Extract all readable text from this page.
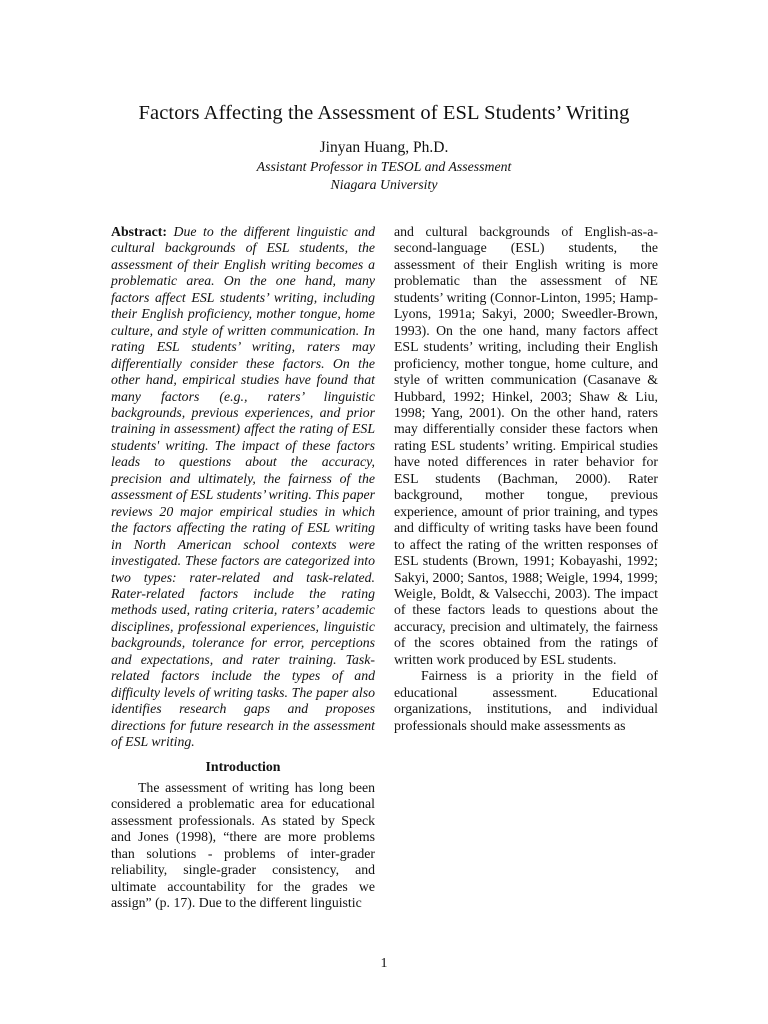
Factors Affecting the Assessment of ESL Students’ Writing
Jinyan Huang, Ph.D.
Assistant Professor in TESOL and Assessment
Niagara University

Abstract: Due to the different linguistic and cultural backgrounds of ESL students, the assessment of their English writing becomes a problematic area. On the one hand, many factors affect ESL students’ writing, including their English proficiency, mother tongue, home culture, and style of written communication. In rating ESL students’ writing, raters may differentially consider these factors. On the other hand, empirical studies have found that many factors (e.g., raters’ linguistic backgrounds, previous experiences, and prior training in assessment) affect the rating of ESL students' writing. The impact of these factors leads to questions about the accuracy, precision and ultimately, the fairness of the assessment of ESL students’ writing. This paper reviews 20 major empirical studies in which the factors affecting the rating of ESL writing in North American school contexts were investigated. These factors are categorized into two types: rater-related and task-related. Rater-related factors include the rating methods used, rating criteria, raters’ academic disciplines, professional experiences, linguistic backgrounds, tolerance for error, perceptions and expectations, and rater training. Task-related factors include the types of and difficulty levels of writing tasks. The paper also identifies research gaps and proposes directions for future research in the assessment of ESL writing.

Introduction

The assessment of writing has long been considered a problematic area for educational assessment professionals. As stated by Speck and Jones (1998), “there are more problems than solutions - problems of inter-grader reliability, single-grader consistency, and ultimate accountability for the grades we assign” (p. 17). Due to the different linguistic

and cultural backgrounds of English-as-a-second-language (ESL) students, the assessment of their English writing is more problematic than the assessment of NE students’ writing (Connor-Linton, 1995; Hamp-Lyons, 1991a; Sakyi, 2000; Sweedler-Brown, 1993). On the one hand, many factors affect ESL students’ writing, including their English proficiency, mother tongue, home culture, and style of written communication (Casanave & Hubbard, 1992; Hinkel, 2003; Shaw & Liu, 1998; Yang, 2001). On the other hand, raters may differentially consider these factors when rating ESL students’ writing. Empirical studies have noted differences in rater behavior for ESL students (Bachman, 2000). Rater background, mother tongue, previous experience, amount of prior training, and types and difficulty of writing tasks have been found to affect the rating of the written responses of ESL students (Brown, 1991; Kobayashi, 1992; Sakyi, 2000; Santos, 1988; Weigle, 1994, 1999; Weigle, Boldt, & Valsecchi, 2003). The impact of these factors leads to questions about the accuracy, precision and ultimately, the fairness of the scores obtained from the ratings of written work produced by ESL students.

Fairness is a priority in the field of educational assessment. Educational organizations, institutions, and individual professionals should make assessments as

1
